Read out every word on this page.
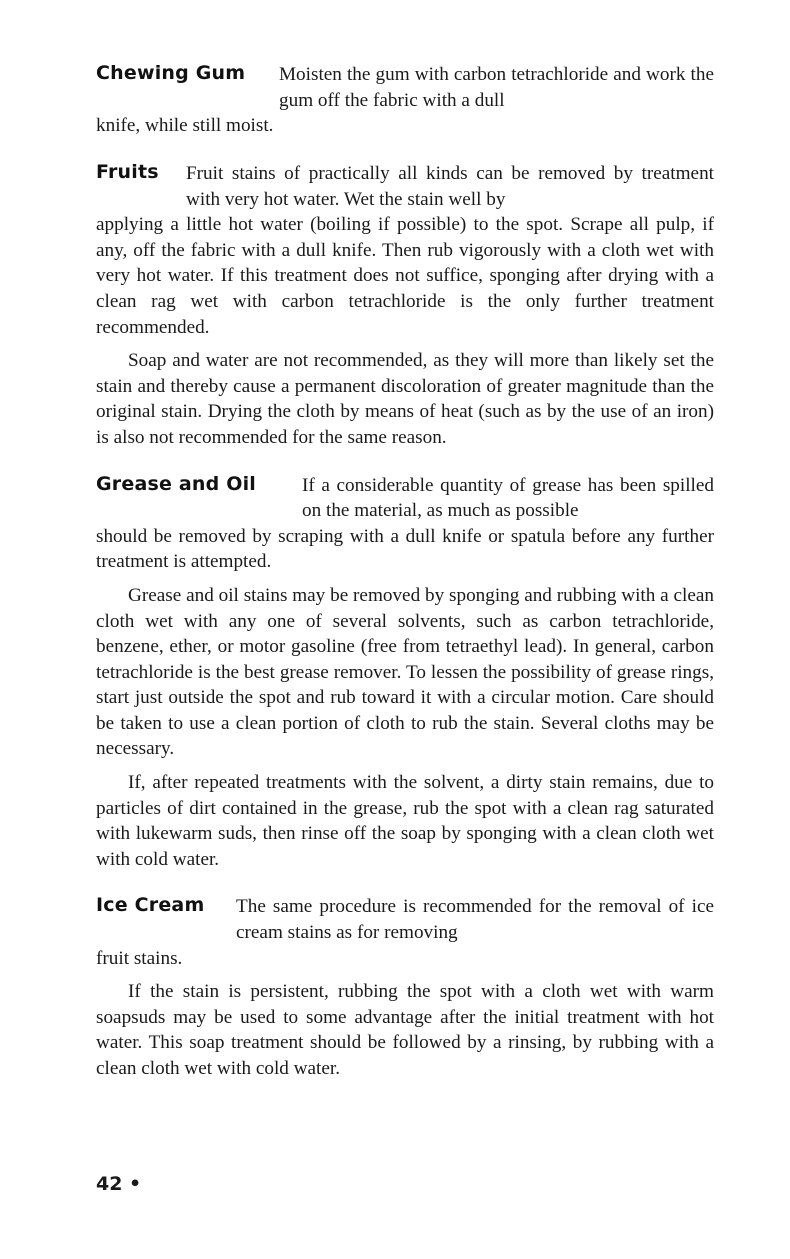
Chewing Gum Moisten the gum with carbon tetrachloride and work the gum off the fabric with a dull

knife, while still moist.

Fruits Fruit stains of practically all kinds can be removed by treatment with very hot water. Wet the stain well by

applying a little hot water (boiling if possible) to the spot. Scrape all pulp, if any, off the fabric with a dull knife. Then rub vigorously with a cloth wet with very hot water. If this treatment does not suffice, sponging after drying with a clean rag wet with carbon tetrachloride is the only further treatment recommended.

Soap and water are not recommended, as they will more than likely set the stain and thereby cause a permanent discoloration of greater magnitude than the original stain. Drying the cloth by means of heat (such as by the use of an iron) is also not recommended for the same reason.

Grease and Oil If a considerable quantity of grease has been spilled on the material, as much as possible

should be removed by scraping with a dull knife or spatula before any further treatment is attempted.

Grease and oil stains may be removed by sponging and rubbing with a clean cloth wet with any one of several solvents, such as carbon tetrachloride, benzene, ether, or motor gasoline (free from tetraethyl lead). In general, carbon tetrachloride is the best grease remover. To lessen the possibility of grease rings, start just outside the spot and rub toward it with a circular motion. Care should be taken to use a clean portion of cloth to rub the stain. Several cloths may be necessary.

If, after repeated treatments with the solvent, a dirty stain remains, due to particles of dirt contained in the grease, rub the spot with a clean rag saturated with lukewarm suds, then rinse off the soap by sponging with a clean cloth wet with cold water.

Ice Cream The same procedure is recommended for the removal of ice cream stains as for removing

fruit stains.

If the stain is persistent, rubbing the spot with a cloth wet with warm soapsuds may be used to some advantage after the initial treatment with hot water. This soap treatment should be followed by a rinsing, by rubbing with a clean cloth wet with cold water.

42 •
